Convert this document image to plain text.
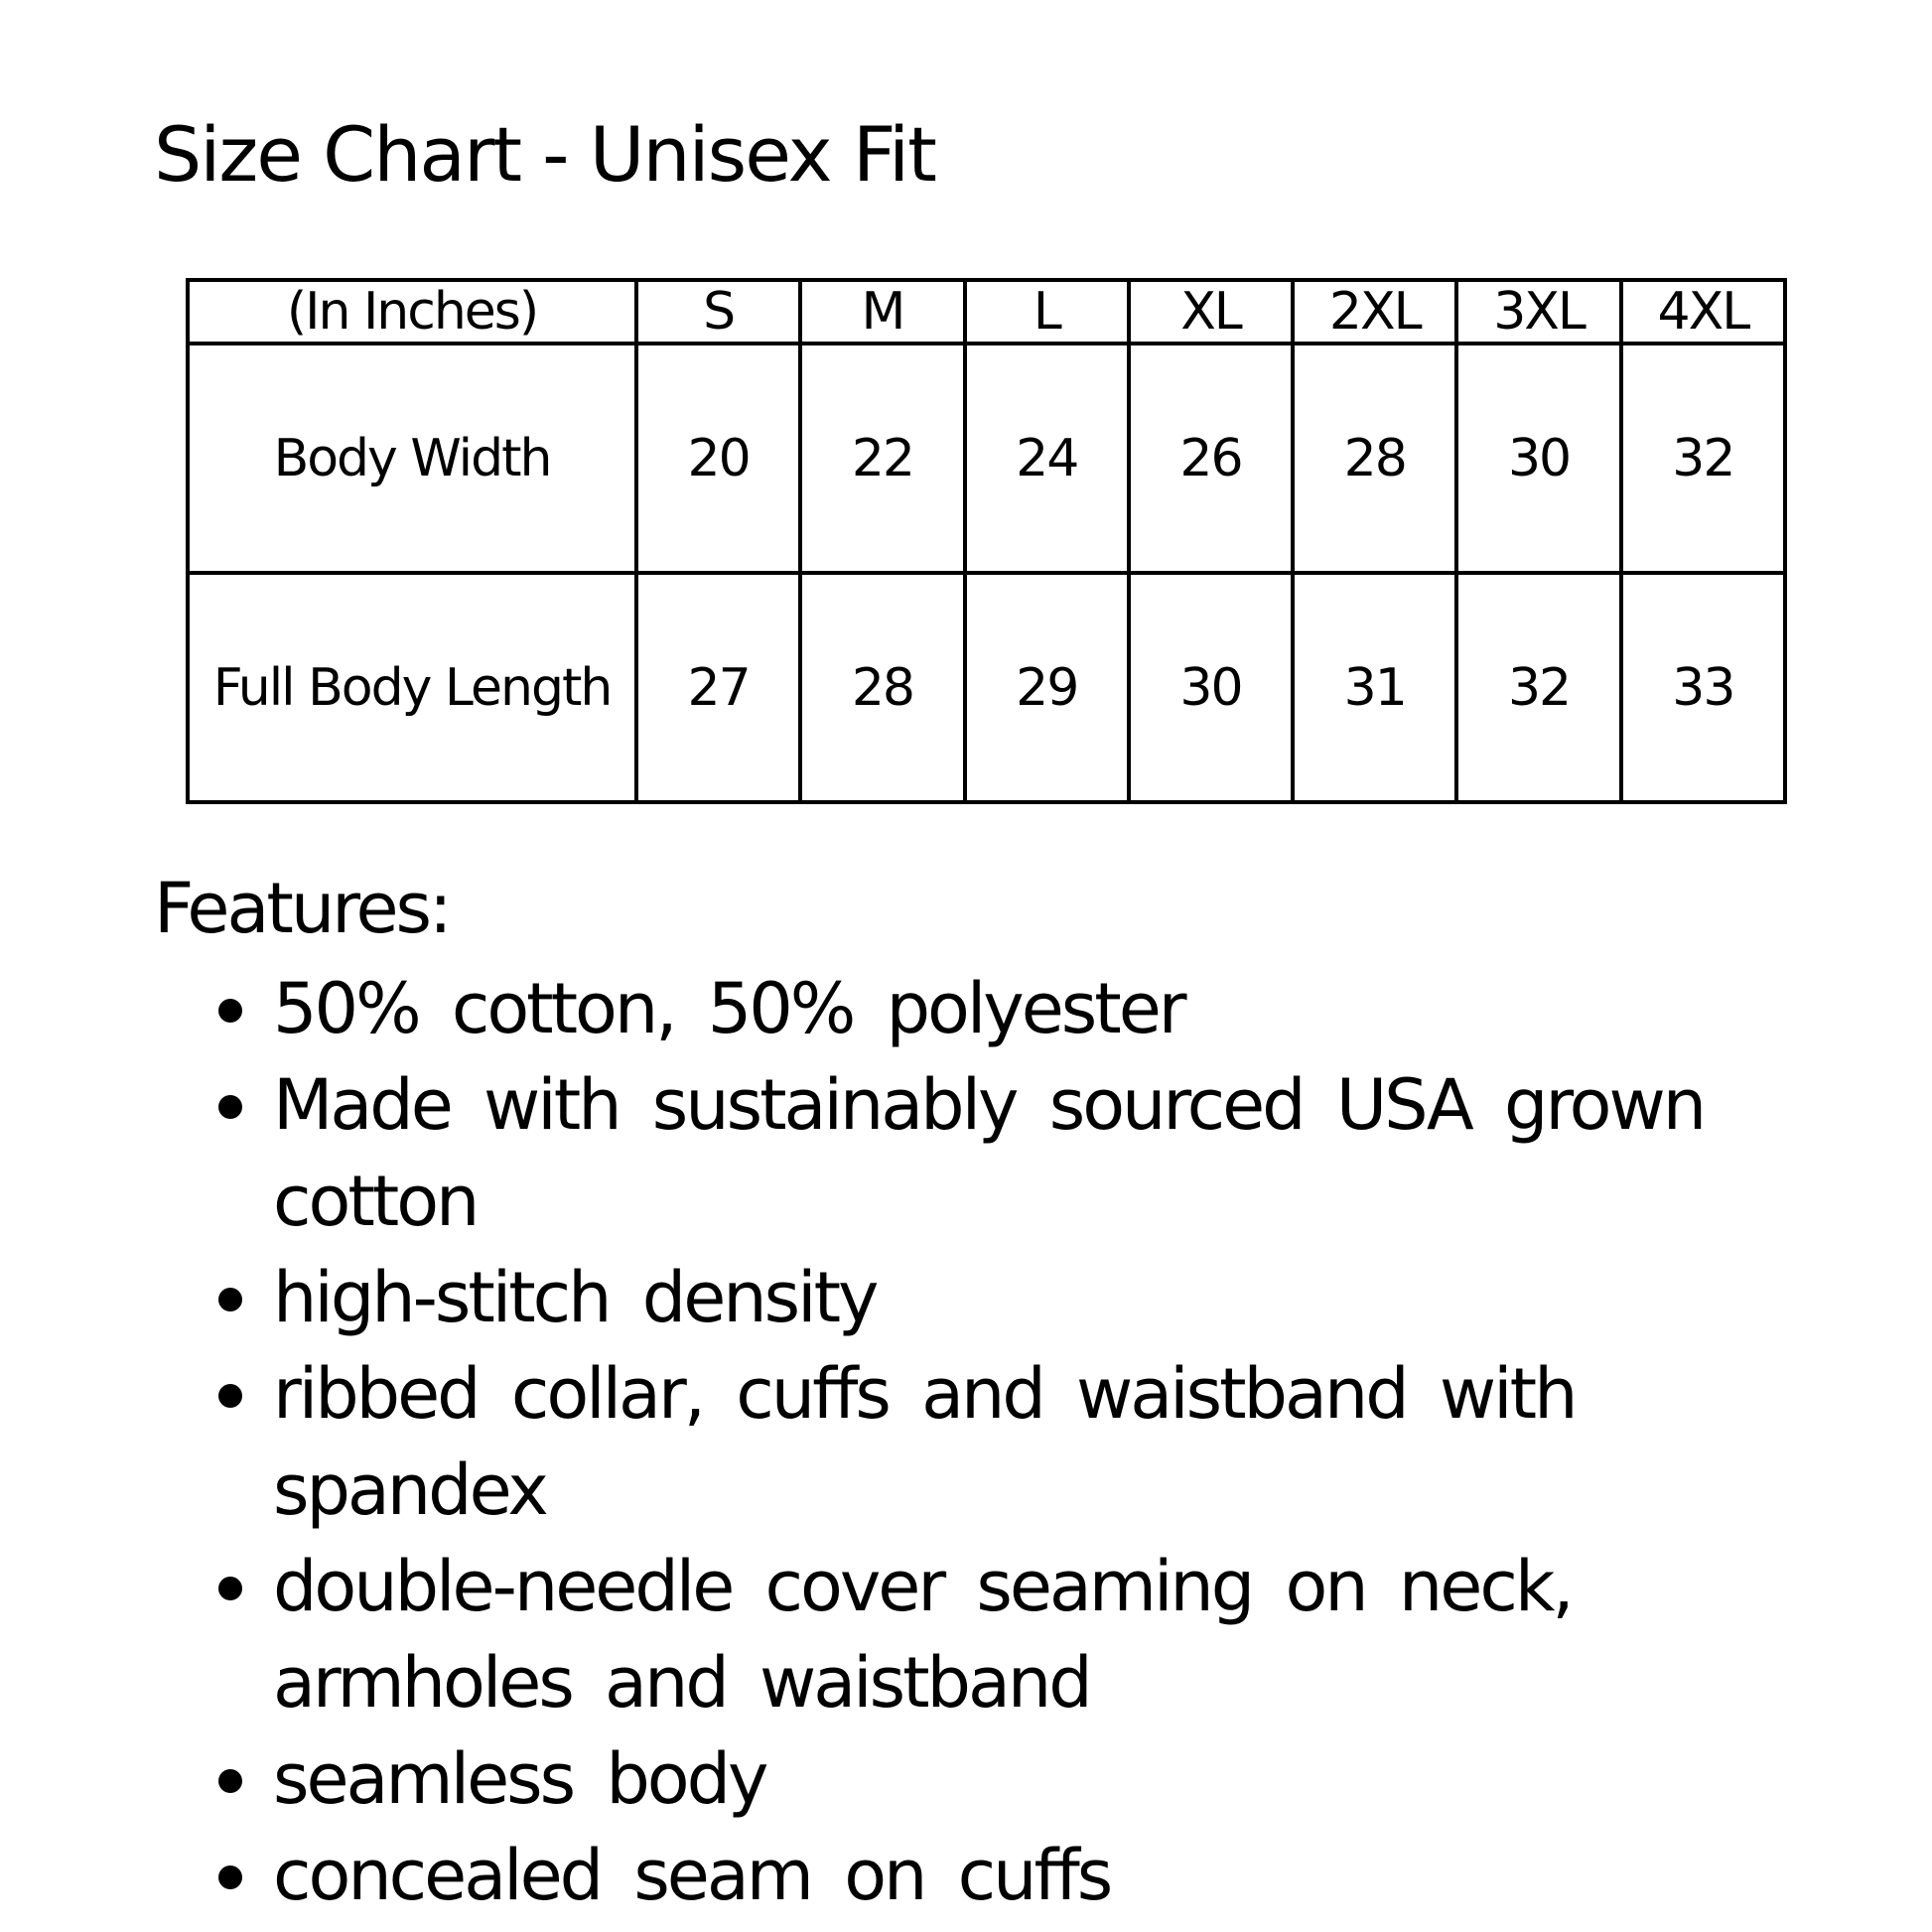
Size Chart - Unisex Fit
(In Inches)	S	M	L	XL	2XL	3XL	4XL
Body Width	20	22	24	26	28	30	32
Full Body Length	27	28	29	30	31	32	33
Features:
50% cotton, 50% polyester
Made with sustainably sourced USA grown cotton
high-stitch density
ribbed collar, cuffs and waistband with spandex
double-needle cover seaming on neck, armholes and waistband
seamless body
concealed seam on cuffs
